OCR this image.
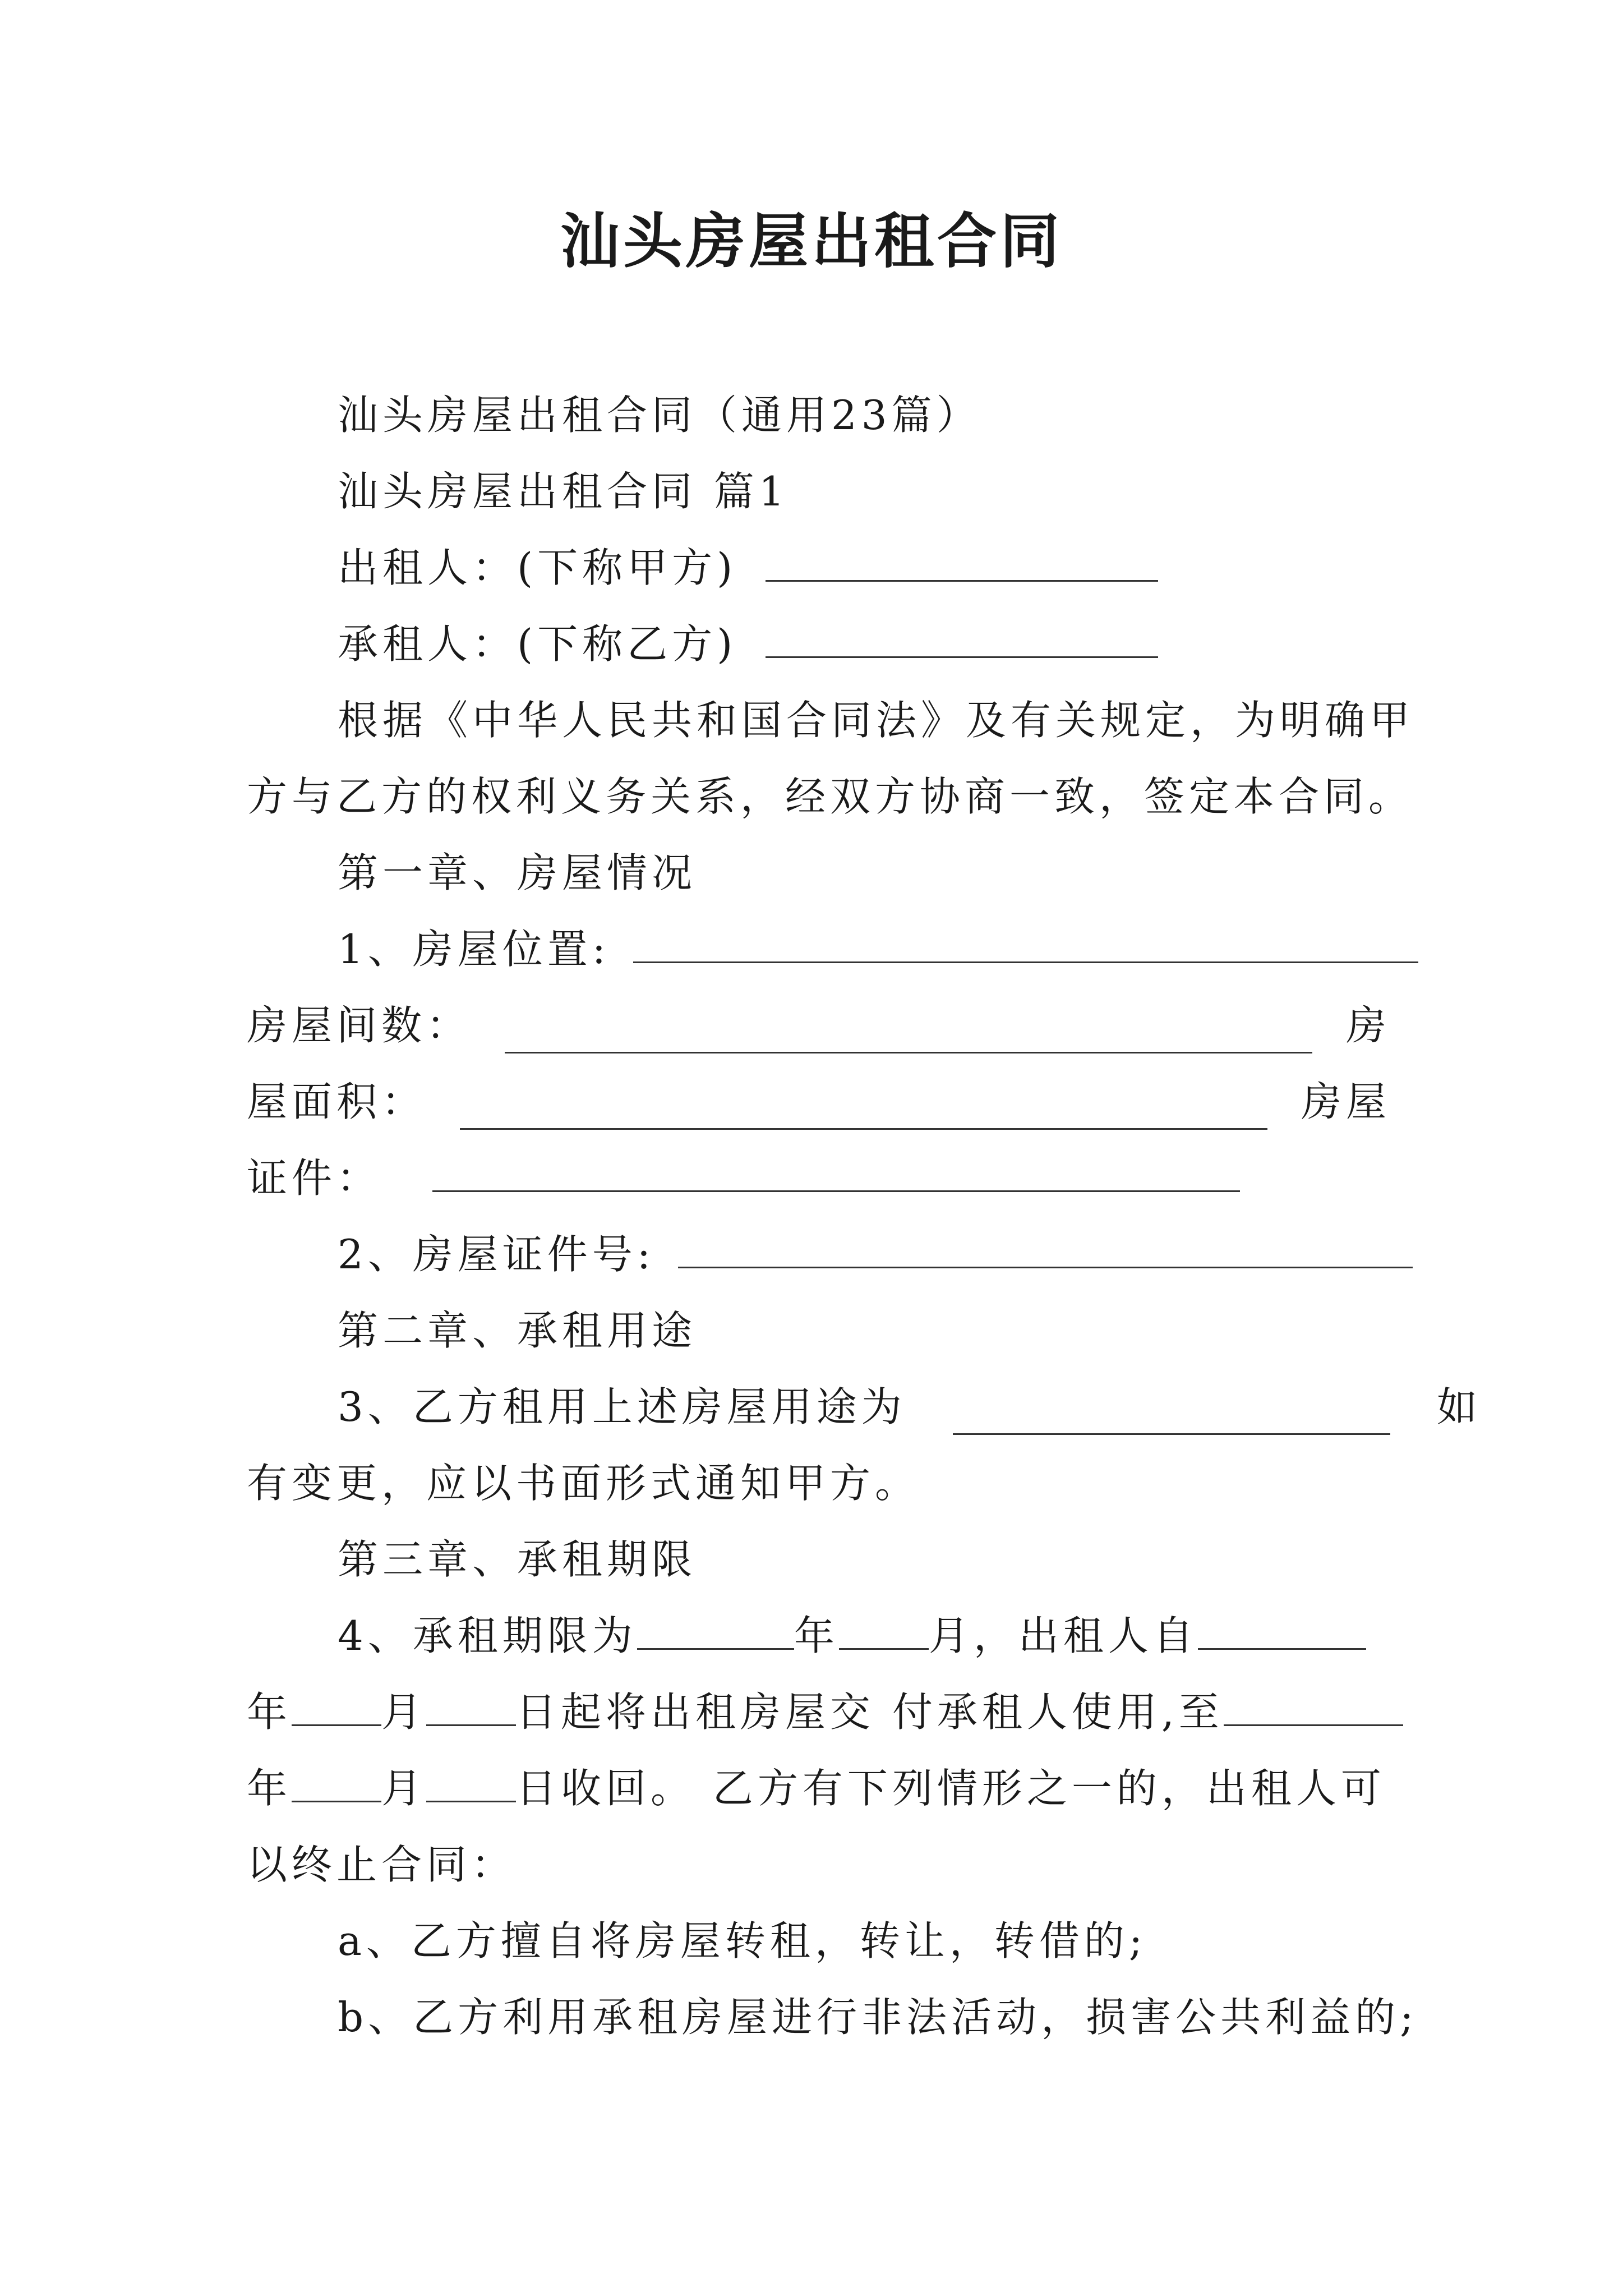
汕头房屋出租合同
汕头房屋出租合同（通用23篇）
汕头房屋出租合同 篇1
出租人：(下称甲方)
承租人：(下称乙方)
根据《中华人民共和国合同法》及有关规定，为明确甲
方与乙方的权利义务关系，经双方协商一致，签定本合同。
第一章、房屋情况
1、房屋位置:
房屋间数：	房
屋面积：	房屋
证件：
2、房屋证件号:
第二章、承租用途
3、乙方租用上述房屋用途为	如
有变更，应以书面形式通知甲方。
第三章、承租期限
4、承租期限为	年 月，出租人自
年 月 日起将出租房屋交 付承租人使用,至
年 月 日收回。 乙方有下列情形之一的，出租人可
以终止合同：
a、乙方擅自将房屋转租，转让，转借的;
b、乙方利用承租房屋进行非法活动，损害公共利益的;
